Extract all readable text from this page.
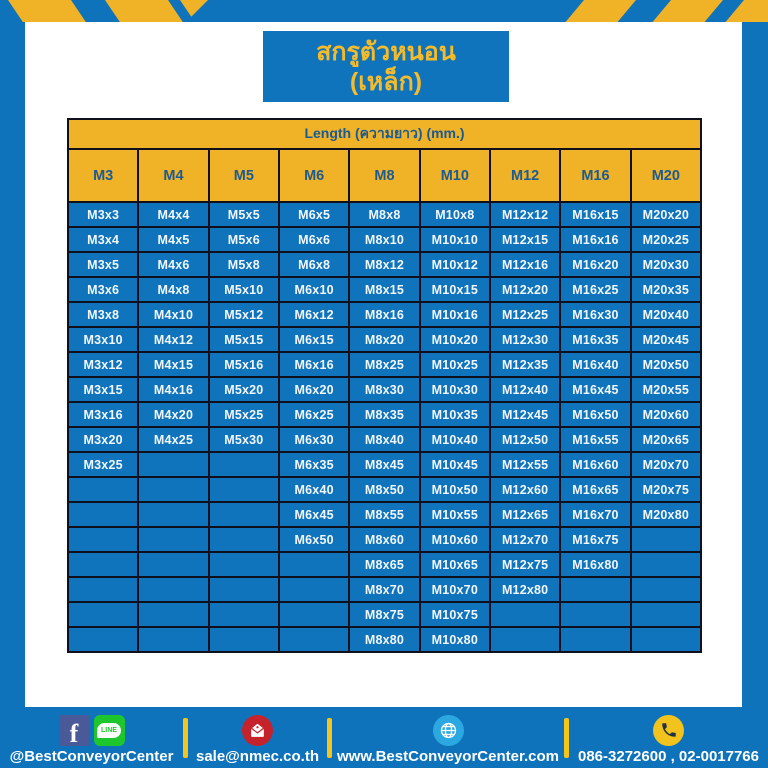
สกรูตัวหนอน
(เหล็ก)
Length (ความยาว) (mm.)								
M3	M4	M5	M6	M8	M10	M12	M16	M20
M3x3	M4x4	M5x5	M6x5	M8x8	M10x8	M12x12	M16x15	M20x20
M3x4	M4x5	M5x6	M6x6	M8x10	M10x10	M12x15	M16x16	M20x25
M3x5	M4x6	M5x8	M6x8	M8x12	M10x12	M12x16	M16x20	M20x30
M3x6	M4x8	M5x10	M6x10	M8x15	M10x15	M12x20	M16x25	M20x35
M3x8	M4x10	M5x12	M6x12	M8x16	M10x16	M12x25	M16x30	M20x40
M3x10	M4x12	M5x15	M6x15	M8x20	M10x20	M12x30	M16x35	M20x45
M3x12	M4x15	M5x16	M6x16	M8x25	M10x25	M12x35	M16x40	M20x50
M3x15	M4x16	M5x20	M6x20	M8x30	M10x30	M12x40	M16x45	M20x55
M3x16	M4x20	M5x25	M6x25	M8x35	M10x35	M12x45	M16x50	M20x60
M3x20	M4x25	M5x30	M6x30	M8x40	M10x40	M12x50	M16x55	M20x65
M3x25			M6x35	M8x45	M10x45	M12x55	M16x60	M20x70
			M6x40	M8x50	M10x50	M12x60	M16x65	M20x75
			M6x45	M8x55	M10x55	M12x65	M16x70	M20x80
			M6x50	M8x60	M10x60	M12x70	M16x75	
				M8x65	M10x65	M12x75	M16x80	
				M8x70	M10x70	M12x80		
				M8x75	M10x75			
				M8x80	M10x80			
f	LINE
@BestConveyorCenter sale@nmec.co.th www.BestConveyorCenter.com 086-3272600 , 02-0017766
